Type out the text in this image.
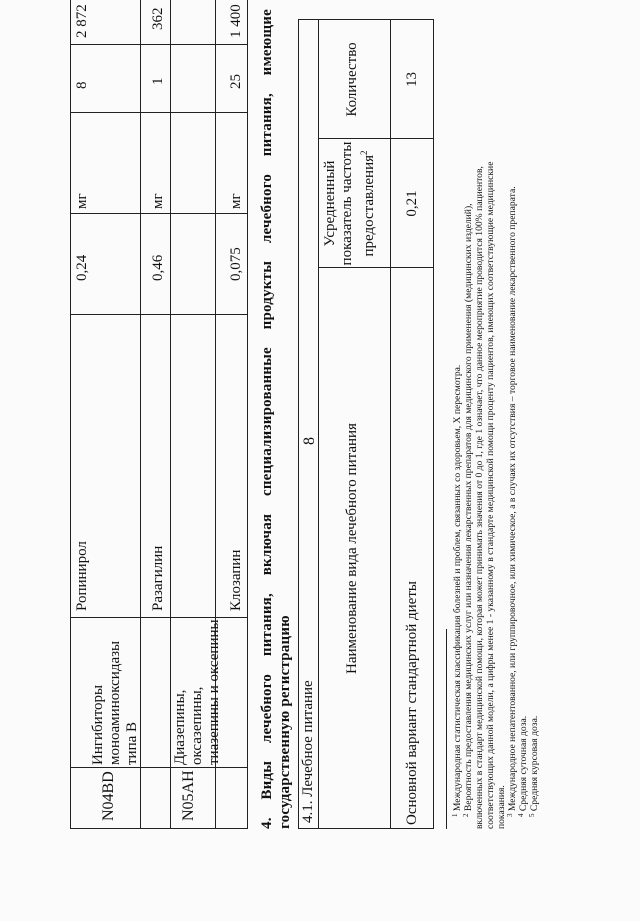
8
Ропинирол
0,24
мг
8
2 872
N04BD
Ингибиторы моноаминоксидазы типа В
Разагилин
0,46
мг
1
362
N05AH
Диазепины, оксазепины, тиазепины и оксепины
Клозапин
0,075
мг
25
1 400 4. Виды лечебного питания, включая специализированные продукты лечебного питания, имеющие государственную регистрацию 4.1. Лечебное питание
Наименование вида лечебного питания
Усредненный показатель частоты предоставления$^2$
Количество
Основной вариант стандартной диеты
0,21
13
$^1$ Международная статистическая классификация болезней и проблем, связанных со здоровьем, X пересмотра.
$^2$ Вероятность предоставления медицинских услуг или назначения лекарственных препаратов для медицинского применения (медицинских изделий), включенных в стандарт медицинской помощи, которая может принимать значения от 0 до 1, где 1 означает, что данное мероприятие проводится 100% пациентов, соответствующих данной модели, а цифры менее 1 - указанному в стандарте медицинской помощи проценту пациентов, имеющих соответствующие медицинские показания. $^3$ Международное непатентованное, или группировочное, или химическое, а в случаях их отсутствия – торговое наименование лекарственного препарата.
$^4$ Средняя суточная доза.
$^5$ Средняя курсовая доза.
